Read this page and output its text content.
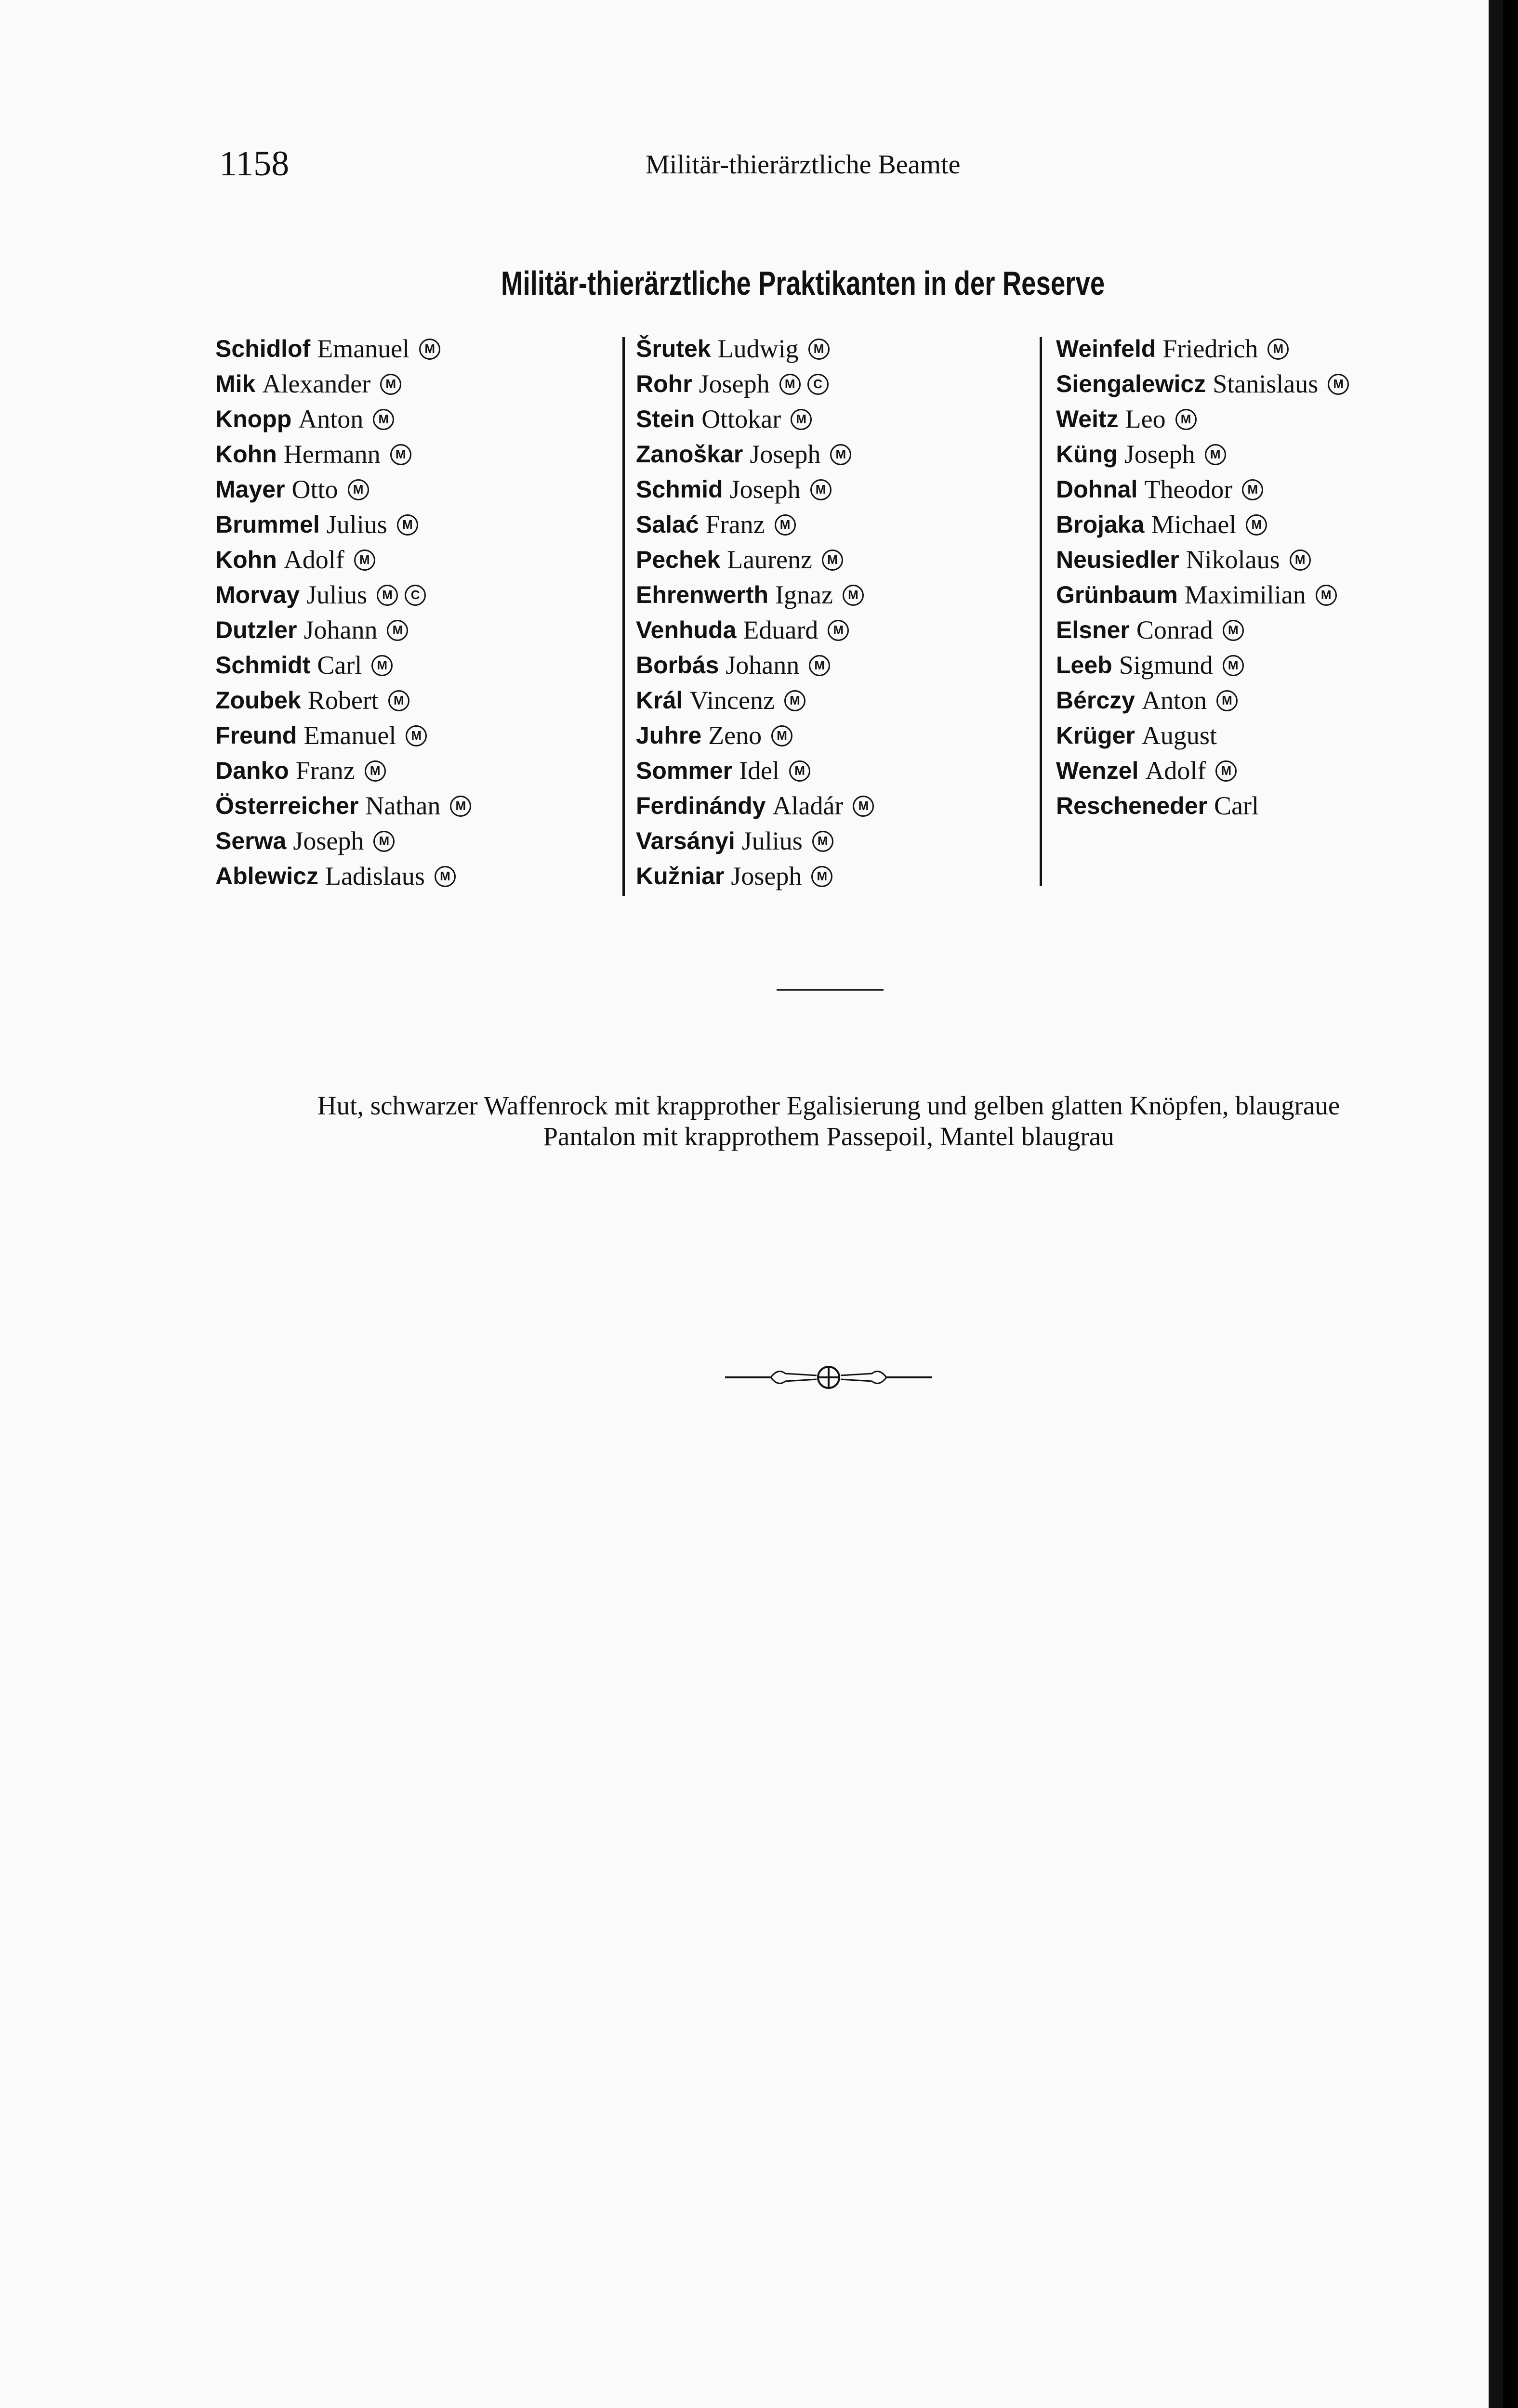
1158	Militär-thierärztliche Beamte
Militär-thierärztliche Praktikanten in der Reserve
Schidlof Emanuel	M
Mik Alexander	M
Knopp Anton	M
Kohn Hermann	M
Mayer Otto	M
Brummel Julius	M
Kohn Adolf	M
Morvay Julius	M	C
Dutzler Johann	M
Schmidt Carl	M
Zoubek Robert	M
Freund Emanuel	M
Danko Franz	M
Österreicher Nathan	M
Serwa Joseph	M
Ablewicz Ladislaus	M
Šrutek Ludwig	M
Rohr Joseph	M	C
Stein Ottokar	M
Zanoškar Joseph	M
Schmid Joseph	M
Salać Franz	M
Pechek Laurenz	M
Ehrenwerth Ignaz	M
Venhuda Eduard	M
Borbás Johann	M
Král Vincenz	M
Juhre Zeno	M
Sommer Idel	M
Ferdinándy Aladár	M
Varsányi Julius	M
Kužniar Joseph	M
Weinfeld Friedrich	M
Siengalewicz Stanislaus	M
Weitz Leo	M
Küng Joseph	M
Dohnal Theodor	M
Brojaka Michael	M
Neusiedler Nikolaus	M
Grünbaum Maximilian	M
Elsner Conrad	M
Leeb Sigmund	M
Bérczy Anton	M
Krüger August
Wenzel Adolf	M
Rescheneder Carl
Hut, schwarzer Waffenrock mit krapprother Egalisierung und gelben glatten Knöpfen, blaugraue
Pantalon mit krapprothem Passepoil, Mantel blaugrau
